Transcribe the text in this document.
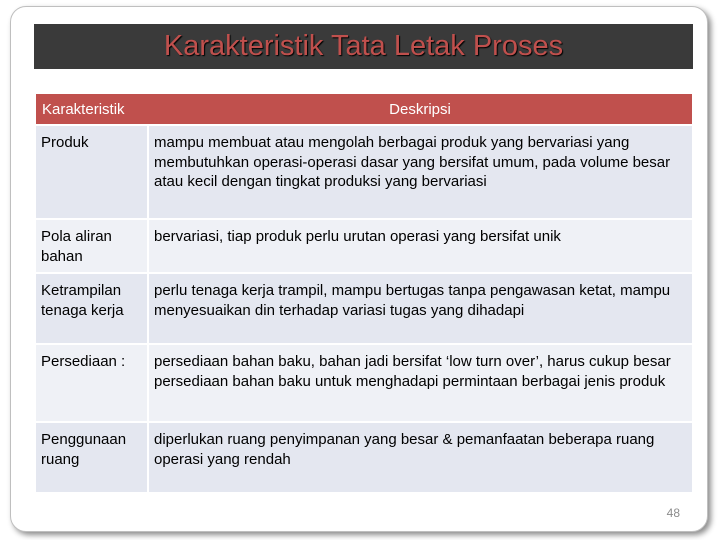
Karakteristik Tata Letak Proses
Karakteristik	Deskripsi
Produk	mampu membuat atau mengolah berbagai produk yang bervariasi yang membutuhkan operasi-operasi dasar yang bersifat umum, pada volume besar atau kecil dengan tingkat produksi yang bervariasi
Pola aliran bahan	bervariasi, tiap produk perlu urutan operasi yang bersifat unik
Ketrampilan tenaga kerja	perlu tenaga kerja trampil, mampu bertugas tanpa pengawasan ketat, mampu menyesuaikan din terhadap variasi tugas yang dihadapi
Persediaan :	persediaan bahan baku, bahan jadi bersifat ‘low turn over’, harus cukup besar persediaan bahan baku untuk menghadapi permintaan berbagai jenis produk
Penggunaan ruang	diperlukan ruang penyimpanan yang besar & pemanfaatan beberapa ruang operasi yang rendah
48
